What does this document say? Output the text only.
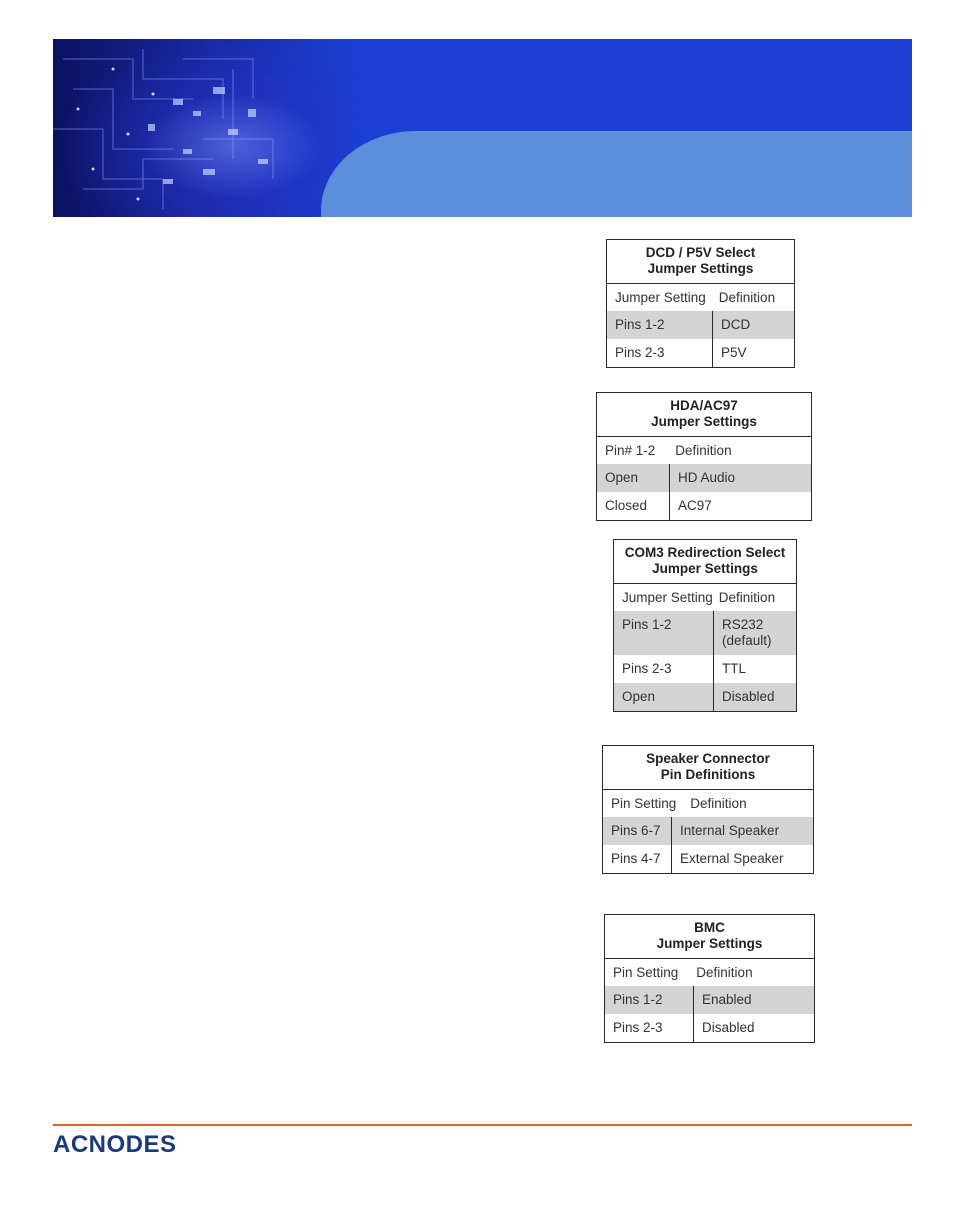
DCD / P5V Select
Jumper Settings
Jumper Setting Definition
Pins 1-2	DCD
Pins 2-3	P5V
HDA/AC97
Jumper Settings
Pin# 1-2	Definition
Open	HD Audio
Closed	AC97
COM3 Redirection Select
Jumper Settings
Jumper Setting Definition
Pins 1-2	RS232
(default)
Pins 2-3	TTL
Open	Disabled
Speaker Connector
Pin Definitions
Pin Setting	Definition
Pins 6-7	Internal Speaker
Pins 4-7	External Speaker
BMC
Jumper Settings
Pin Setting	Definition
Pins 1-2	Enabled
Pins 2-3	Disabled
ACNODES
